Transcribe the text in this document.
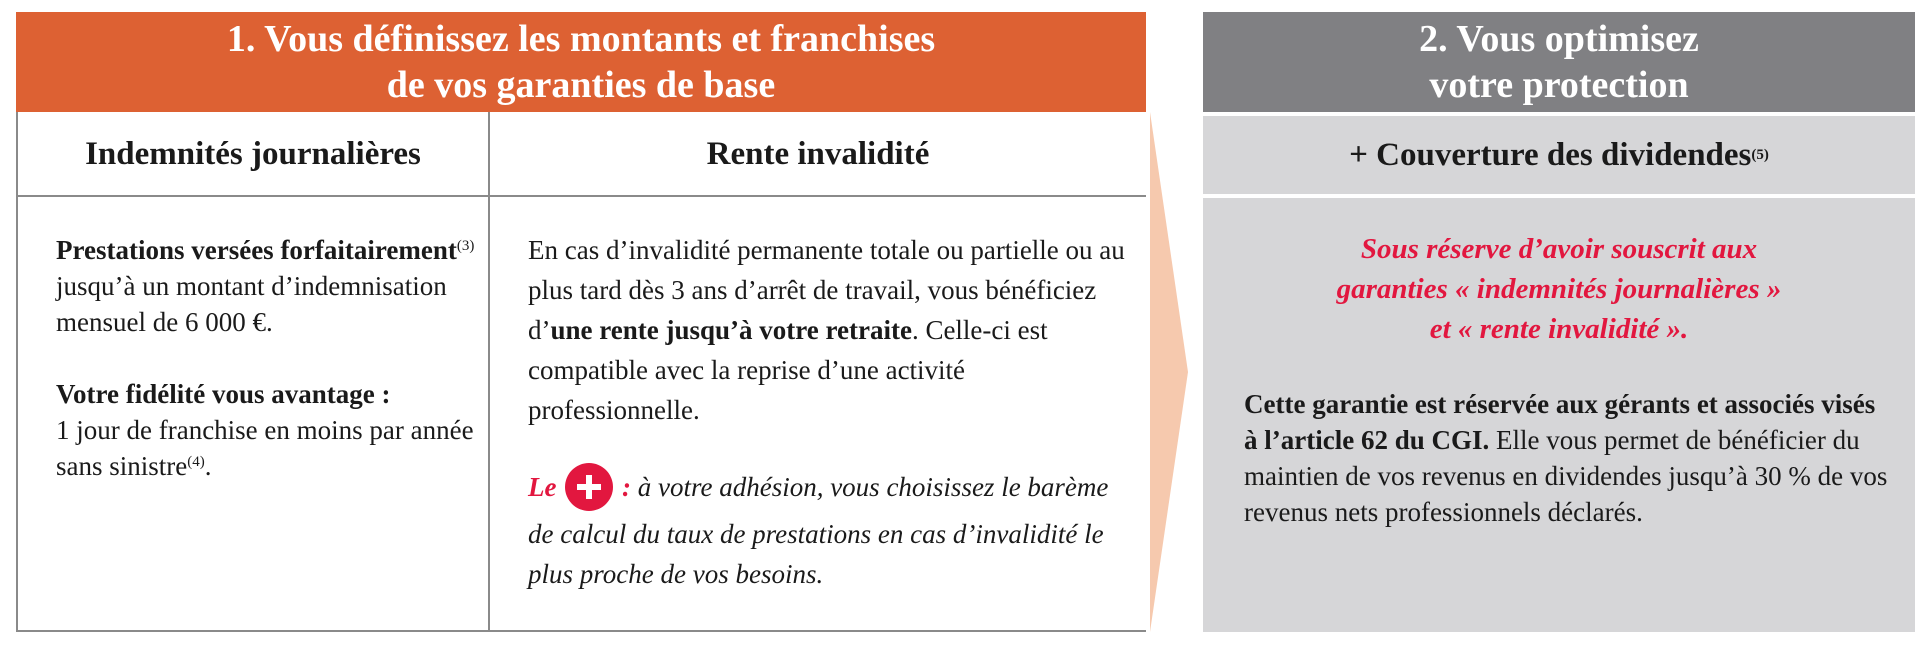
1. Vous définissez les montants et franchises
de vos garanties de base
Indemnités journalières	Rente invalidité

Prestations versées forfaitairement$^{(3)}$ jusqu’à un montant d’indemnisation mensuel de 6 000 €.

Votre fidélité vous avantage :
1 jour de franchise en moins par année sans sinistre$^{(4)}$.

En cas d’invalidité permanente totale ou partielle ou au plus tard dès 3 ans d’arrêt de travail, vous bénéficiez d’une rente jusqu’à votre retraite. Celle-ci est compatible avec la reprise d’une activité professionnelle.

Le  : à votre adhésion, vous choisissez le barème de calcul du taux de prestations en cas d’invalidité le plus proche de vos besoins.

2. Vous optimisez
votre protection
+ Couverture des dividendes (5)
Sous réserve d’avoir souscrit aux
garanties « indemnités journalières »
et « rente invalidité ».

Cette garantie est réservée aux gérants et associés visés à l’article 62 du CGI. Elle vous permet de bénéficier du maintien de vos revenus en dividendes jusqu’à 30 % de vos revenus nets professionnels déclarés.
